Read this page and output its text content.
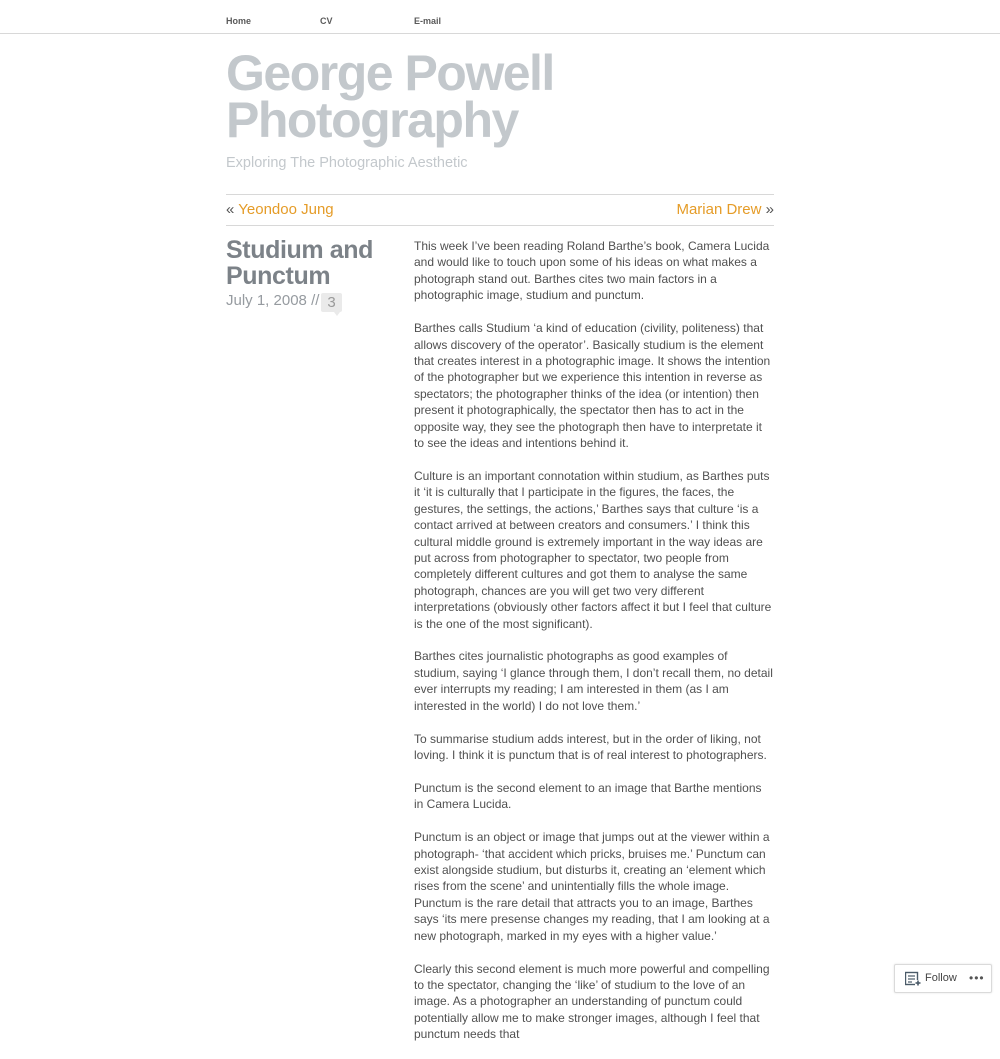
Home	CV	E-mail
George Powell Photography
Exploring The Photographic Aesthetic
« Yeondoo Jung	Marian Drew »
Studium and Punctum
July 1, 2008 // 3

This week I’ve been reading Roland Barthe’s book, Camera Lucida and would like to touch upon some of his ideas on what makes a photograph stand out. Barthes cites two main factors in a photographic image, studium and punctum.

Barthes calls Studium ‘a kind of education (civility, politeness) that allows discovery of the operator’. Basically studium is the element that creates interest in a photographic image. It shows the intention of the photographer but we experience this intention in reverse as spectators; the photographer thinks of the idea (or intention) then present it photographically, the spectator then has to act in the opposite way, they see the photograph then have to interpretate it to see the ideas and intentions behind it.

Culture is an important connotation within studium, as Barthes puts it ‘it is culturally that I participate in the figures, the faces, the gestures, the settings, the actions,’ Barthes says that culture ‘is a contact arrived at between creators and consumers.’ I think this cultural middle ground is extremely important in the way ideas are put across from photographer to spectator, two people from completely different cultures and got them to analyse the same photograph, chances are you will get two very different interpretations (obviously other factors affect it but I feel that culture is the one of the most significant).

Barthes cites journalistic photographs as good examples of studium, saying ‘I glance through them, I don’t recall them, no detail ever interrupts my reading; I am interested in them (as I am interested in the world) I do not love them.’

To summarise studium adds interest, but in the order of liking, not loving. I think it is punctum that is of real interest to photographers.

Punctum is the second element to an image that Barthe mentions in Camera Lucida.

Punctum is an object or image that jumps out at the viewer within a photograph- ‘that accident which pricks, bruises me.’ Punctum can exist alongside studium, but disturbs it, creating an ‘element which rises from the scene’ and unintentially fills the whole image. Punctum is the rare detail that attracts you to an image, Barthes says ‘its mere presense changes my reading, that I am looking at a new photograph, marked in my eyes with a higher value.’

Clearly this second element is much more powerful and compelling to the spectator, changing the ‘like’ of studium to the love of an image. As a photographer an understanding of punctum could potentially allow me to make stronger images, although I feel that punctum needs that

Follow •••
